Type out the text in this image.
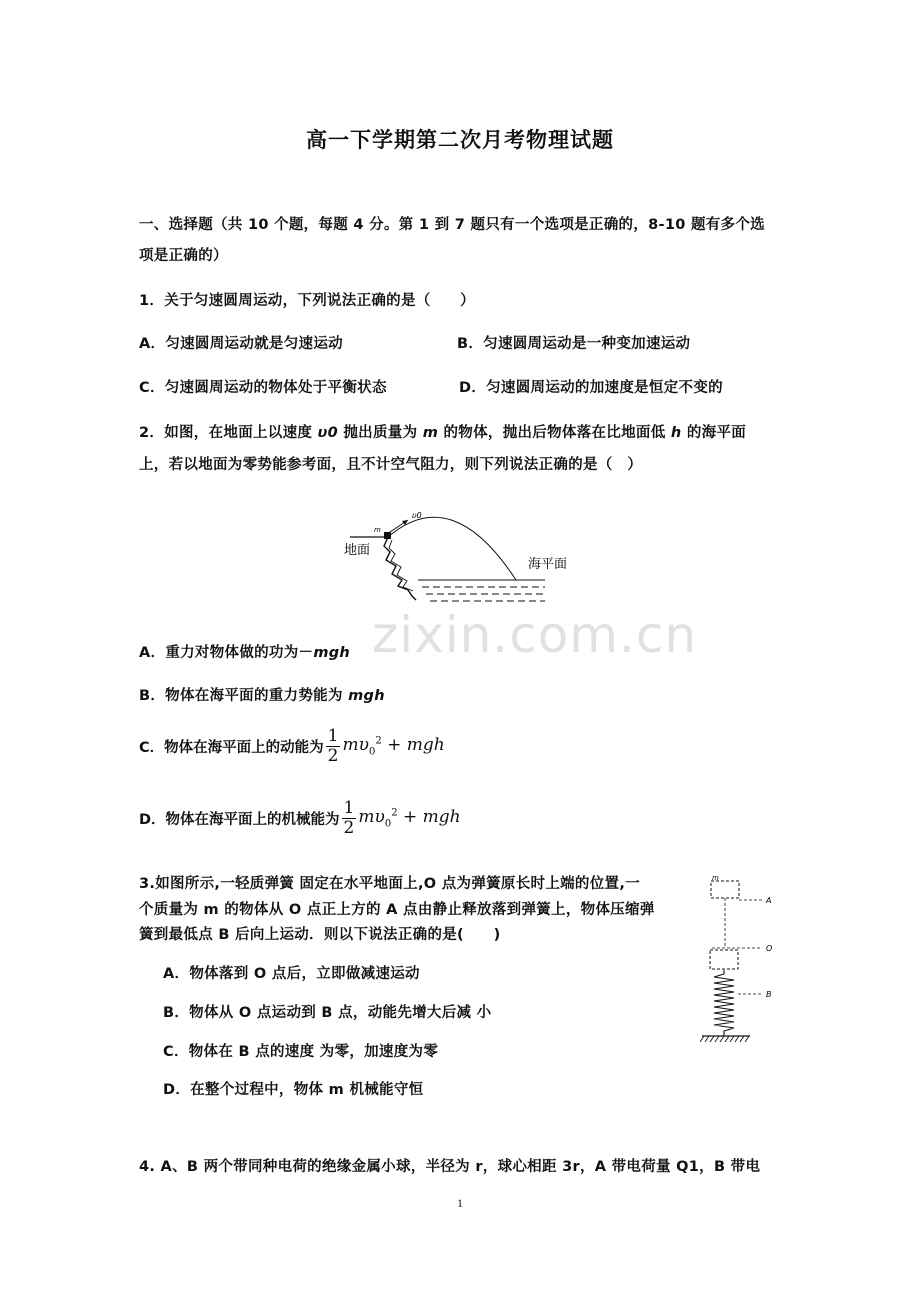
高一下学期第二次月考物理试题
一、选择题（共 10 个题，每题 4 分。第 1 到 7 题只有一个选项是正确的，8-10 题有多个选
项是正确的）
1．关于匀速圆周运动，下列说法正确的是（　　）
A．匀速圆周运动就是匀速运动	B．匀速圆周运动是一种变加速运动
C．匀速圆周运动的物体处于平衡状态	D．匀速圆周运动的加速度是恒定不变的
2．如图，在地面上以速度 υ0 抛出质量为 m 的物体，抛出后物体落在比地面低 h 的海平面
上，若以地面为零势能参考面，且不计空气阻力，则下列说法正确的是（　）
m
υ0
地面
海平面
zixin.com.cn
A．重力对物体做的功为－mgh
B．物体在海平面的重力势能为 mgh
C．物体在海平面上的动能为 $\frac{1}{2} m\upsilon_0^2$ + mgh
D．物体在海平面上的机械能为 $\frac{1}{2} m\upsilon_0^2$ + mgh
3.如图所示,一轻质弹簧 固定在水平地面上,O 点为弹簧原长时上端的位置,一
个质量为 m 的物体从 O 点正上方的 A 点由静止释放落到弹簧上，物体压缩弹
簧到最低点 B 后向上运动．则以下说法正确的是(　　)
A．物体落到 O 点后，立即做减速运动
B．物体从 O 点运动到 B 点，动能先增大后减 小
C．物体在 B 点的速度 为零，加速度为零
D．在整个过程中，物体 m 机械能守恒
m
A
O
B
4. A、B 两个带同种电荷的绝缘金属小球，半径为 r，球心相距 3r，A 带电荷量 Q1，B 带电
1
